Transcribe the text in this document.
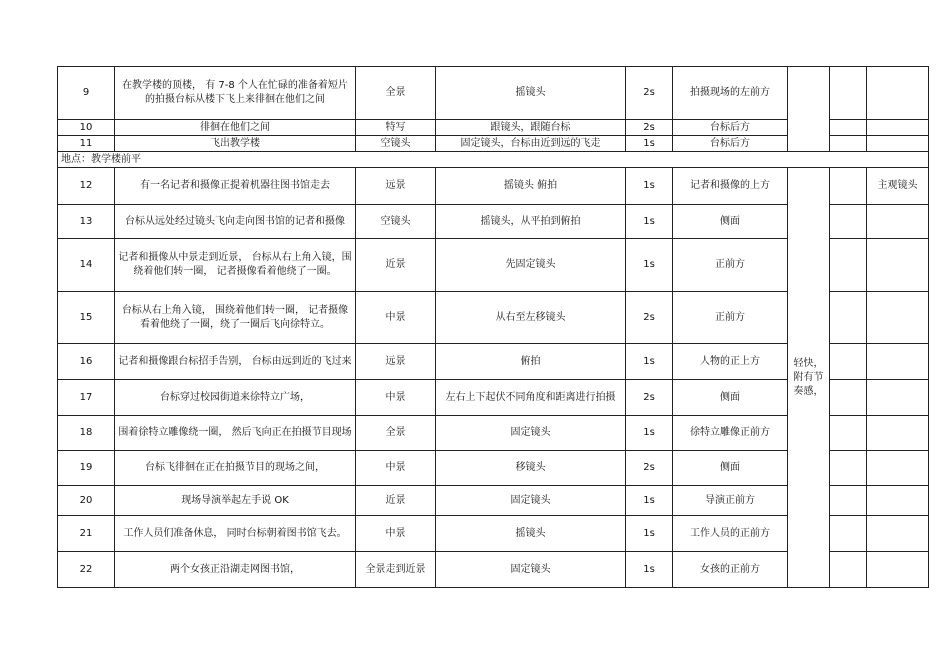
9	在教学楼的顶楼， 有 7-8 个人在忙碌的准备着短片的拍摄台标从楼下飞上来徘徊在他们之间	全景	摇镜头	2s	拍摄现场的左前方			
10	徘徊在他们之间	特写	跟镜头，跟随台标	2s	台标后方			
11	飞出教学楼	空镜头	固定镜头，台标由近到远的飞走	1s	台标后方			
地点：教学楼前平								
12	有一名记者和摄像正提着机器往图书馆走去	远景	摇镜头 俯拍	1s	记者和摄像的上方	轻快，附有节奏感，		主观镜头
13	台标从远处经过镜头飞向走向图书馆的记者和摄像	空镜头	摇镜头，从平拍到俯拍	1s	侧面			
14	记者和摄像从中景走到近景， 台标从右上角入镜，围绕着他们转一圈， 记者摄像看着他绕了一圈。	近景	先固定镜头	1s	正前方			
15	台标从右上角入镜， 围绕着他们转一圈， 记者摄像看着他绕了一圈，绕了一圈后飞向徐特立。	中景	从右至左移镜头	2s	正前方			
16	记者和摄像跟台标招手告别， 台标由远到近的飞过来	远景	俯拍	1s	人物的正上方			
17	台标穿过校园街道来徐特立广场，	中景	左右上下起伏不同角度和距离进行拍摄	2s	侧面			
18	围着徐特立雕像绕一圈， 然后飞向正在拍摄节目现场	全景	固定镜头	1s	徐特立雕像正前方			
19	台标飞徘徊在正在拍摄节目的现场之间，	中景	移镜头	2s	侧面			
20	现场导演举起左手说 OK	近景	固定镜头	1s	导演正前方			
21	工作人员们准备休息， 同时台标朝着图书馆飞去。	中景	摇镜头	1s	工作人员的正前方			
22	两个女孩正沿湖走网图书馆，	全景走到近景	固定镜头	1s	女孩的正前方			
